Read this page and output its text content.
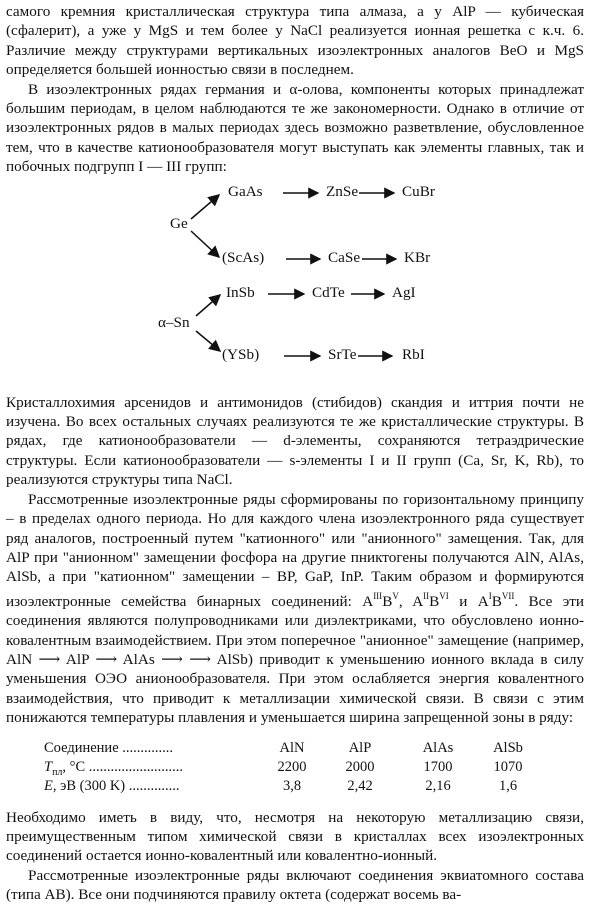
самого кремния кристаллическая структура типа алмаза, а у AlP — кубическая (сфалерит), а уже у MgS и тем более у NaCl реализуется ионная решетка с к.ч. 6. Различие между структурами вертикальных изоэлектронных аналогов BeO и MgS определяется большей ионностью связи в последнем.

В изоэлектронных рядах германия и α-олова, компоненты которых принадлежат большим периодам, в целом наблюдаются те же закономерности. Однако в отличие от изоэлектронных рядов в малых периодах здесь возможно разветвление, обусловленное тем, что в качестве катионообразователя могут выступать как элементы главных, так и побочных подгрупп I — III групп:

Ge
GaAs	ZnSe	CuBr
(ScAs)	CaSe	KBr
α–Sn
InSb	CdTe	AgI
(YSb)	SrTe	RbI

Кристаллохимия арсенидов и антимонидов (стибидов) скандия и иттрия почти не изучена. Во всех остальных случаях реализуются те же кристаллические структуры. В рядах, где катионообразователи — d-элементы, сохраняются тетраэдрические структуры. Если катионообразователи — s-элементы I и II групп (Ca, Sr, K, Rb), то реализуются структуры типа NaCl.

Рассмотренные изоэлектронные ряды сформированы по горизонтальному принципу – в пределах одного периода. Но для каждого члена изоэлектронного ряда существует ряд аналогов, построенный путем "катионного" или "анионного" замещения. Так, для AlP при "анионном" замещении фосфора на другие пниктогены получаются AlN, AlAs, AlSb, а при "катионном" замещении – BP, GaP, InP. Таким образом и формируются изоэлектронные семейства бинарных соединений: $A^{III}B^V$, $A^{II}B^{VI}$ и $A^IB^{VII}$. Все эти соединения являются полупроводниками или диэлектриками, что обусловлено ионно-ковалентным взаимодействием. При этом поперечное "анионное" замещение (например, AlN ⟶ AlP ⟶ AlAs ⟶ ⟶ AlSb) приводит к уменьшению ионного вклада в силу уменьшения ОЭО анионообразователя. При этом ослабляется энергия ковалентного взаимодействия, что приводит к металлизации химической связи. В связи с этим понижаются температуры плавления и уменьшается ширина запрещенной зоны в ряду:

Соединение ..............	AlN	AlP	AlAs	AlSb
$T_{пл}$, °C ..........................	2200	2000	1700	1070
E, эВ (300 K) ..............	3,8	2,42	2,16	1,6

Необходимо иметь в виду, что, несмотря на некоторую металлизацию связи, преимущественным типом химической связи в кристаллах всех изоэлектронных соединений остается ионно-ковалентный или ковалентно-ионный.

Рассмотренные изоэлектронные ряды включают соединения эквиатомного состава (типа AB). Все они подчиняются правилу октета (содержат восемь ва-
